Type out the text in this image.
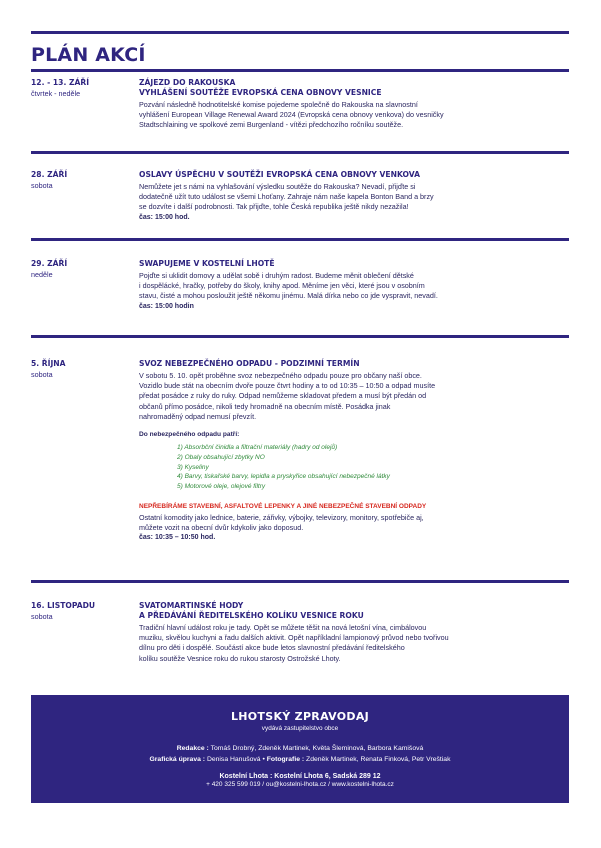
PLÁN AKCÍ
12. - 13. ZÁŘÍ
čtvrtek - neděle
ZÁJEZD DO RAKOUSKA
VYHLÁŠENÍ SOUTĚŽE EVROPSKÁ CENA OBNOVY VESNICE
Pozvání následně hodnotitelské komise pojedeme společně do Rakouska na slavnostní
vyhlášení European Village Renewal Award 2024 (Evropská cena obnovy venkova) do vesničky
Stadtschlaining ve spolkové zemi Burgenland - vítězi předchozího ročníku soutěže.
28. ZÁŘÍ
sobota
OSLAVY ÚSPĚCHU V SOUTĚŽI EVROPSKÁ CENA OBNOVY VENKOVA
Nemůžete jet s námi na vyhlašování výsledku soutěže do Rakouska? Nevadí, přijďte si
dodatečně užít tuto událost se všemi Lhoťany. Zahraje nám naše kapela Bonton Band a brzy
se dozvíte i další podrobnosti. Tak přijďte, tohle Česká republika ještě nikdy nezažila!
čas: 15:00 hod.
29. ZÁŘÍ
neděle
SWAPUJEME V KOSTELNÍ LHOTĚ
Pojďte si uklidit domovy a udělat sobě i druhým radost. Budeme měnit oblečení dětské
i dospělácké, hračky, potřeby do školy, knihy apod. Měníme jen věci, které jsou v osobním
stavu, čisté a mohou posloužit ještě někomu jinému. Malá dírka nebo co jde vyspravit, nevadí.
čas: 15:00 hodin
5. ŘÍJNA
sobota
SVOZ NEBEZPEČNÉHO ODPADU - PODZIMNÍ TERMÍN
V sobotu 5. 10. opět proběhne svoz nebezpečného odpadu pouze pro občany naší obce.
Vozidlo bude stát na obecním dvoře pouze čtvrt hodiny a to od 10:35 – 10:50 a odpad musíte
předat posádce z ruky do ruky. Odpad nemůžeme skladovat předem a musí být předán od
občanů přímo posádce, nikoli tedy hromadně na obecním místě. Posádka jinak
nahromaděný odpad nemusí převzít.
Do nebezpečného odpadu patří:
1) Absorbční činidla a filtrační materiály (hadry od olejů)
2) Obaly obsahující zbytky NO
3) Kyseliny
4) Barvy, tiskařské barvy, lepidla a pryskyřice obsahující nebezpečné látky
5) Motorové oleje, olejové filtry
NEPŘEBÍRÁME STAVEBNÍ, ASFALTOVÉ LEPENKY A JINÉ NEBEZPEČNÉ STAVEBNÍ ODPADY
Ostatní komodity jako lednice, baterie, zářivky, výbojky, televizory, monitory, spotřebiče aj,
můžete vozit na obecní dvůr kdykoliv jako doposud.
čas: 10:35 – 10:50 hod.
16. LISTOPADU
sobota
SVATOMARTINSKÉ HODY
A PŘEDÁVÁNÍ ŘEDITELSKÉHO KOLÍKU VESNICE ROKU
Tradiční hlavní událost roku je tady. Opět se můžete těšit na nová letošní vína, cimbálovou
muziku, skvělou kuchyni a řadu dalších aktivit. Opět napříkladní lampionový průvod nebo tvořivou
dílnu pro děti i dospělé. Součástí akce bude letos slavnostní předávání ředitelského
kolíku soutěže Vesnice roku do rukou starosty Ostrožské Lhoty.
LHOTSKÝ ZPRAVODAJ
vydává zastupitelstvo obce
Redakce : Tomáš Drobný, Zdeněk Martinek, Květa Šleminová, Barbora Kamišová
Grafická úprava : Denisa Hanušová • Fotografie : Zdeněk Martinek, Renata Finková, Petr Vreštiak
Kostelní Lhota : Kostelní Lhota 6, Sadská 289 12
+ 420 325 599 019 / ou@kostelni-lhota.cz / www.kostelni-lhota.cz
